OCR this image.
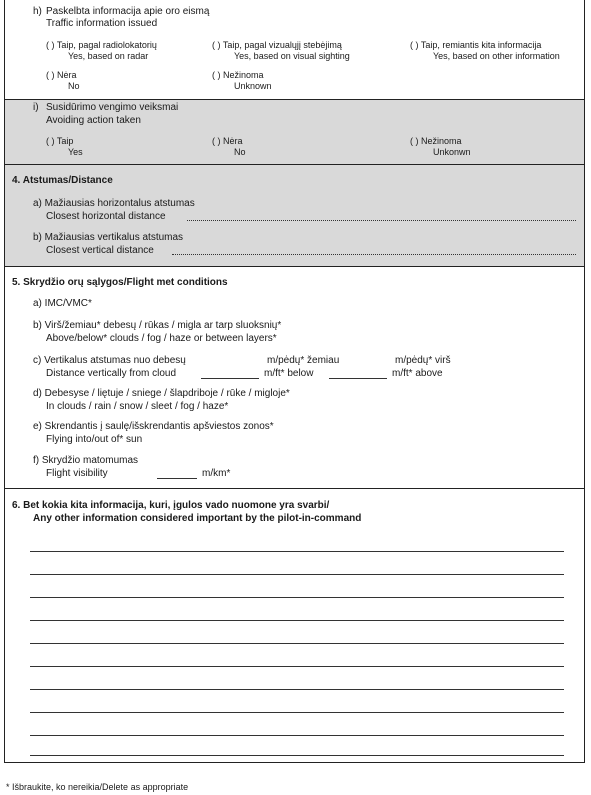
h) Paskelbta informacija apie oro eismą
Traffic information issued
( ) Taip, pagal radiolokatorių
Yes, based on radar
( ) Taip, pagal vizualųjį stebėjimą
Yes, based on visual sighting
( ) Taip, remiantis kita informacija
Yes, based on other information
( ) Nėra
No
( ) Nežinoma
Unknown
i) Susidūrimo vengimo veiksmai
Avoiding action taken
( ) Taip
Yes
( ) Nėra
No
( ) Nežinoma
Unkonwn
4. Atstumas/Distance
a) Mažiausias horizontalus atstumas
Closest horizontal distance
b) Mažiausias vertikalus atstumas
Closest vertical distance
5. Skrydžio orų sąlygos/Flight met conditions
a) IMC/VMC*
b) Virš/žemiau* debesų / rūkas / migla ar tarp sluoksnių*
Above/below* clouds / fog / haze or between layers*
c) Vertikalus atstumas nuo debesų	m/pėdų* žemiau	m/pėdų* virš
Distance vertically from cloud	m/ft* below	m/ft* above
d) Debesyse / liętuje / sniege / šlapdriboje / rūke / migloje*
In clouds / rain / snow / sleet / fog / haze*
e) Skrendantis į saulę/išskrendantis apšviestos zonos*
Flying into/out of* sun
f) Skrydžio matomumas
Flight visibility	m/km*
6. Bet kokia kita informacija, kuri, įgulos vado nuomone yra svarbi/
Any other information considered important by the pilot-in-command
* Išbraukite, ko nereikia/Delete as appropriate
